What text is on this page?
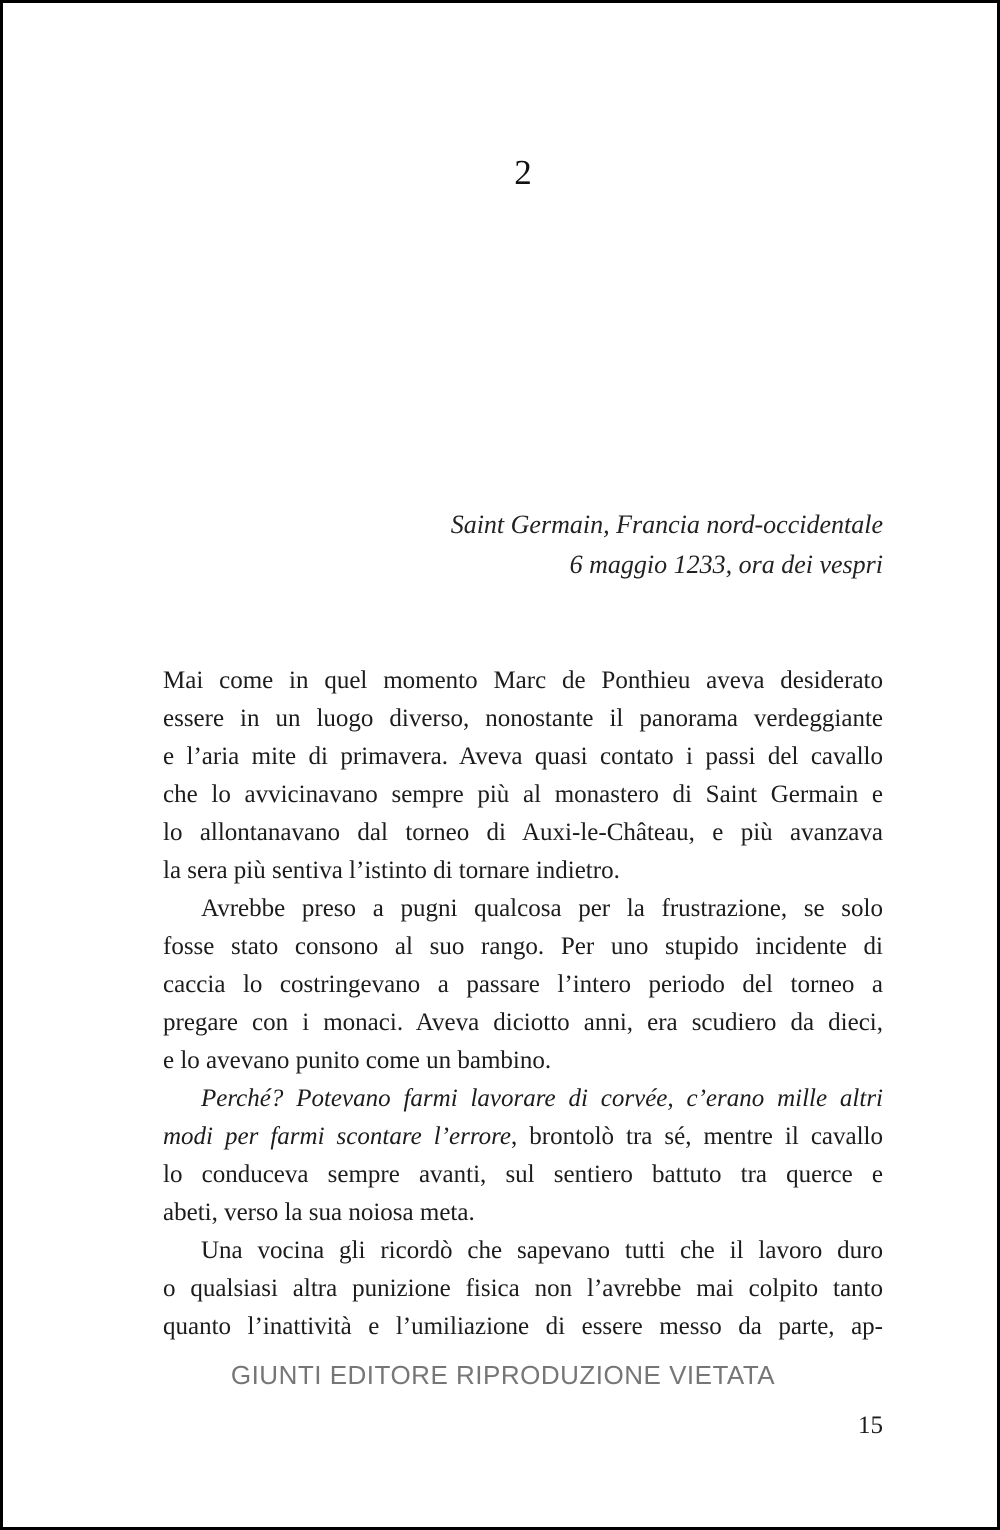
2
Saint Germain, Francia nord-occidentale
6 maggio 1233, ora dei vespri
Mai come in quel momento Marc de Ponthieu aveva desiderato
essere in un luogo diverso, nonostante il panorama verdeggiante
e l’aria mite di primavera. Aveva quasi contato i passi del cavallo
che lo avvicinavano sempre più al monastero di Saint Germain e
lo allontanavano dal torneo di Auxi-le-Château, e più avanzava
la sera più sentiva l’istinto di tornare indietro.
Avrebbe preso a pugni qualcosa per la frustrazione, se solo
fosse stato consono al suo rango. Per uno stupido incidente di
caccia lo costringevano a passare l’intero periodo del torneo a
pregare con i monaci. Aveva diciotto anni, era scudiero da dieci,
e lo avevano punito come un bambino.
Perché? Potevano farmi lavorare di corvée, c’erano mille altri
modi per farmi scontare l’errore, brontolò tra sé, mentre il cavallo
lo conduceva sempre avanti, sul sentiero battuto tra querce e
abeti, verso la sua noiosa meta.
Una vocina gli ricordò che sapevano tutti che il lavoro duro
o qualsiasi altra punizione fisica non l’avrebbe mai colpito tanto
quanto l’inattività e l’umiliazione di essere messo da parte, ap-
GIUNTI EDITORE RIPRODUZIONE VIETATA
15
